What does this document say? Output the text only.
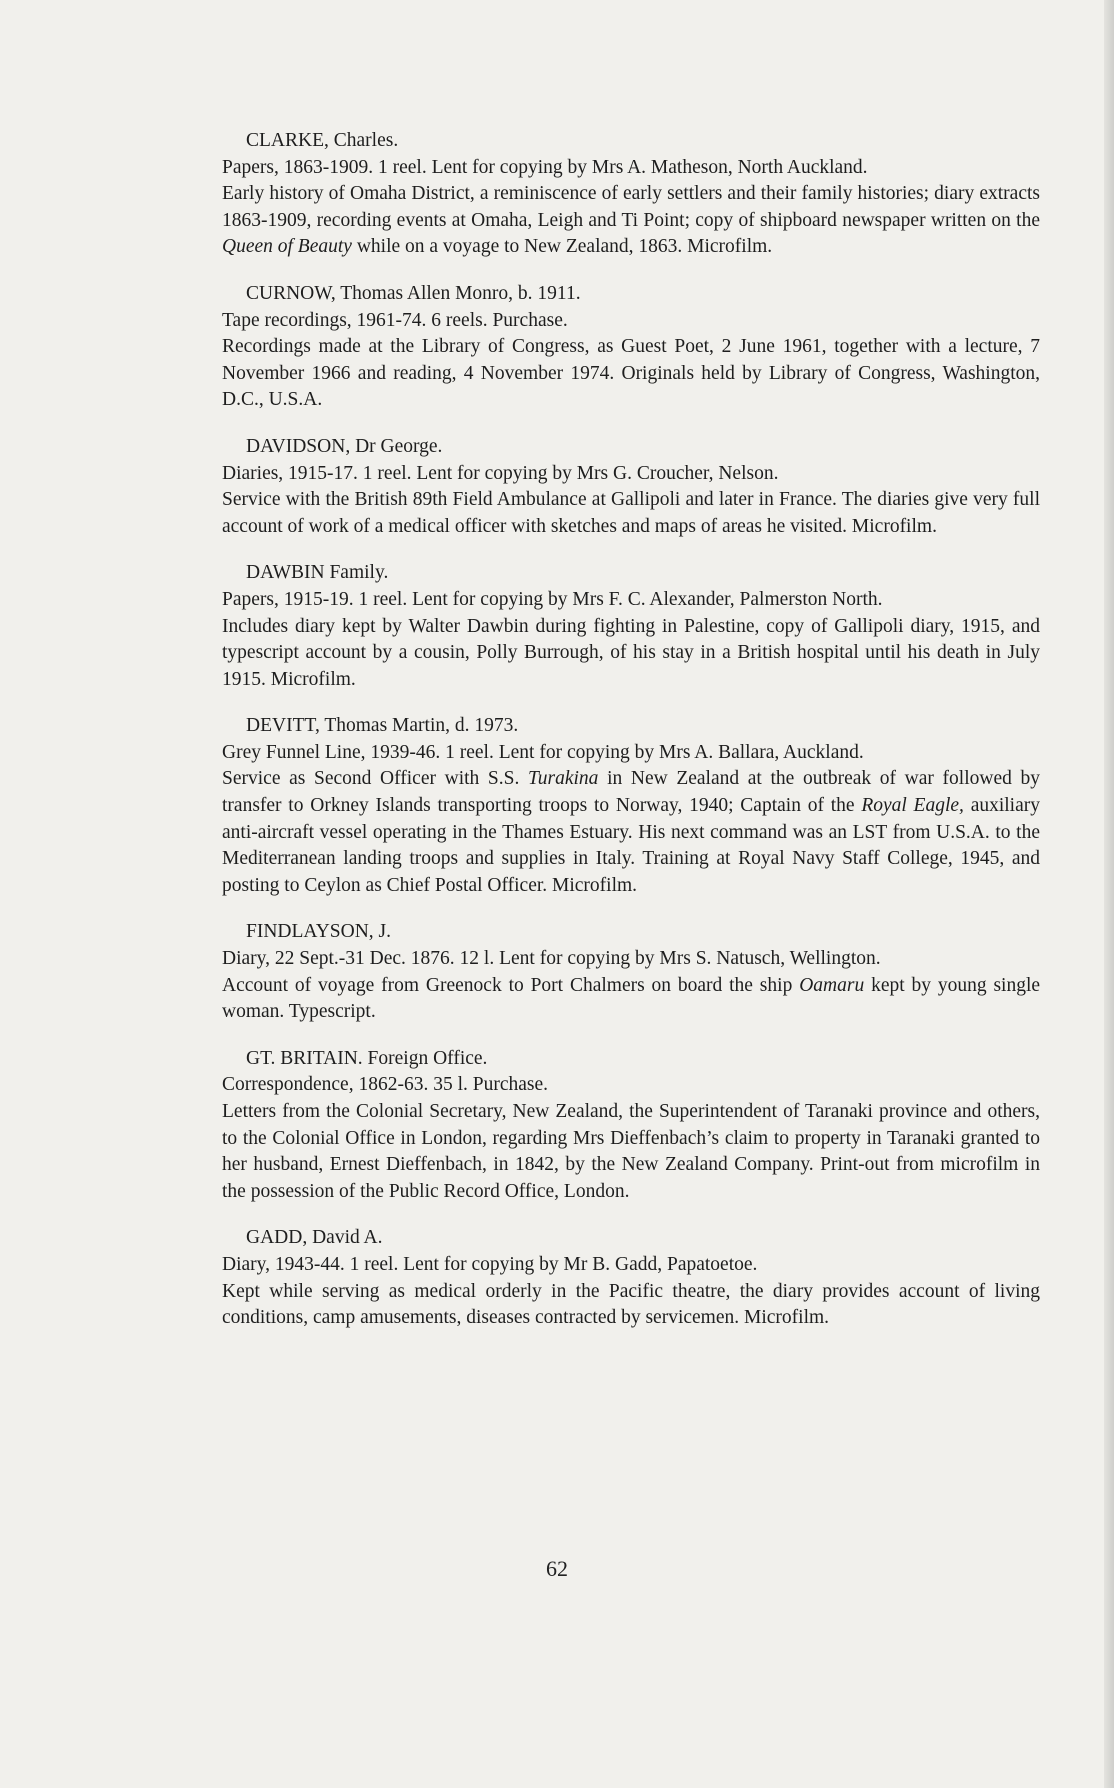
CLARKE, Charles.

Papers, 1863-1909. 1 reel. Lent for copying by Mrs A. Matheson, North Auckland.

Early history of Omaha District, a reminiscence of early settlers and their family histories; diary extracts 1863-1909, recording events at Omaha, Leigh and Ti Point; copy of shipboard newspaper written on the Queen of Beauty while on a voyage to New Zealand, 1863. Microfilm.

CURNOW, Thomas Allen Monro, b. 1911.

Tape recordings, 1961-74. 6 reels. Purchase.

Recordings made at the Library of Congress, as Guest Poet, 2 June 1961, together with a lecture, 7 November 1966 and reading, 4 November 1974. Originals held by Library of Congress, Washington, D.C., U.S.A.

DAVIDSON, Dr George.

Diaries, 1915-17. 1 reel. Lent for copying by Mrs G. Croucher, Nelson.

Service with the British 89th Field Ambulance at Gallipoli and later in France. The diaries give very full account of work of a medical officer with sketches and maps of areas he visited. Microfilm.

DAWBIN Family.

Papers, 1915-19. 1 reel. Lent for copying by Mrs F. C. Alexander, Palmerston North.

Includes diary kept by Walter Dawbin during fighting in Palestine, copy of Gallipoli diary, 1915, and typescript account by a cousin, Polly Burrough, of his stay in a British hospital until his death in July 1915. Microfilm.

DEVITT, Thomas Martin, d. 1973.

Grey Funnel Line, 1939-46. 1 reel. Lent for copying by Mrs A. Ballara, Auckland.

Service as Second Officer with S.S. Turakina in New Zealand at the outbreak of war followed by transfer to Orkney Islands transporting troops to Norway, 1940; Captain of the Royal Eagle, auxiliary anti-aircraft vessel operating in the Thames Estuary. His next command was an LST from U.S.A. to the Mediterranean landing troops and supplies in Italy. Training at Royal Navy Staff College, 1945, and posting to Ceylon as Chief Postal Officer. Microfilm.

FINDLAYSON, J.

Diary, 22 Sept.-31 Dec. 1876. 12 l. Lent for copying by Mrs S. Natusch, Wellington.

Account of voyage from Greenock to Port Chalmers on board the ship Oamaru kept by young single woman. Typescript.

GT. BRITAIN. Foreign Office.

Correspondence, 1862-63. 35 l. Purchase.

Letters from the Colonial Secretary, New Zealand, the Superintendent of Taranaki province and others, to the Colonial Office in London, regarding Mrs Dieffenbach’s claim to property in Taranaki granted to her husband, Ernest Dieffenbach, in 1842, by the New Zealand Company. Print-out from microfilm in the possession of the Public Record Office, London.

GADD, David A.

Diary, 1943-44. 1 reel. Lent for copying by Mr B. Gadd, Papatoetoe.

Kept while serving as medical orderly in the Pacific theatre, the diary provides account of living conditions, camp amusements, diseases contracted by servicemen. Microfilm.

62
